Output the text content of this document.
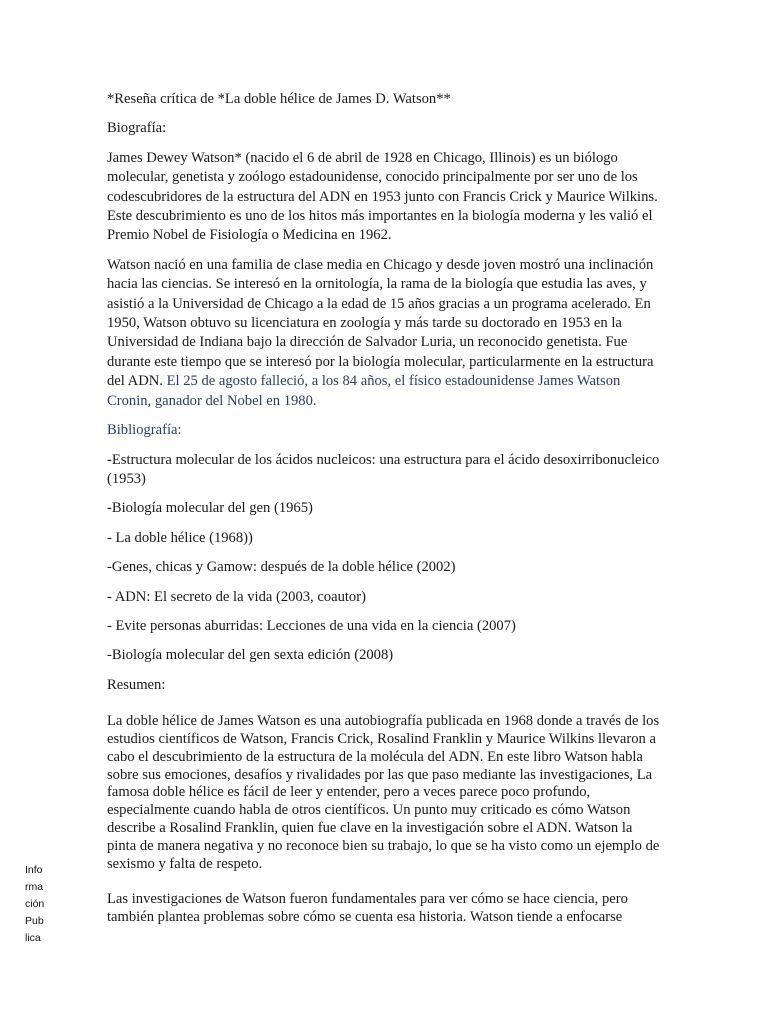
*Reseña crítica de *La doble hélice de James D. Watson**

Biografía:

James Dewey Watson* (nacido el 6 de abril de 1928 en Chicago, Illinois) es un biólogo molecular, genetista y zoólogo estadounidense, conocido principalmente por ser uno de los codescubridores de la estructura del ADN en 1953 junto con Francis Crick y Maurice Wilkins. Este descubrimiento es uno de los hitos más importantes en la biología moderna y les valió el Premio Nobel de Fisiología o Medicina en 1962.

Watson nació en una familia de clase media en Chicago y desde joven mostró una inclinación hacia las ciencias. Se interesó en la ornitología, la rama de la biología que estudia las aves, y asistió a la Universidad de Chicago a la edad de 15 años gracias a un programa acelerado. En 1950, Watson obtuvo su licenciatura en zoología y más tarde su doctorado en 1953 en la Universidad de Indiana bajo la dirección de Salvador Luria, un reconocido genetista. Fue durante este tiempo que se interesó por la biología molecular, particularmente en la estructura del ADN. El 25 de agosto falleció, a los 84 años, el físico estadounidense James Watson Cronin, ganador del Nobel en 1980.

Bibliografía:

-Estructura molecular de los ácidos nucleicos: una estructura para el ácido desoxirribonucleico (1953)

-Biología molecular del gen (1965)

- La doble hélice (1968))

-Genes, chicas y Gamow: después de la doble hélice (2002)

- ADN: El secreto de la vida (2003, coautor)

- Evite personas aburridas: Lecciones de una vida en la ciencia (2007)

-Biología molecular del gen sexta edición (2008)

Resumen:

La doble hélice de James Watson es una autobiografía publicada en 1968 donde a través de los estudios científicos de Watson, Francis Crick, Rosalind Franklin y Maurice Wilkins llevaron a cabo el descubrimiento de la estructura de la molécula del ADN. En este libro Watson habla sobre sus emociones, desafíos y rivalidades por las que paso mediante las investigaciones, La famosa doble hélice es fácil de leer y entender, pero a veces parece poco profundo, especialmente cuando habla de otros científicos. Un punto muy criticado es cómo Watson describe a Rosalind Franklin, quien fue clave en la investigación sobre el ADN. Watson la pinta de manera negativa y no reconoce bien su trabajo, lo que se ha visto como un ejemplo de sexismo y falta de respeto.

Las investigaciones de Watson fueron fundamentales para ver cómo se hace ciencia, pero también plantea problemas sobre cómo se cuenta esa historia. Watson tiende a enfocarse

Información Publica
